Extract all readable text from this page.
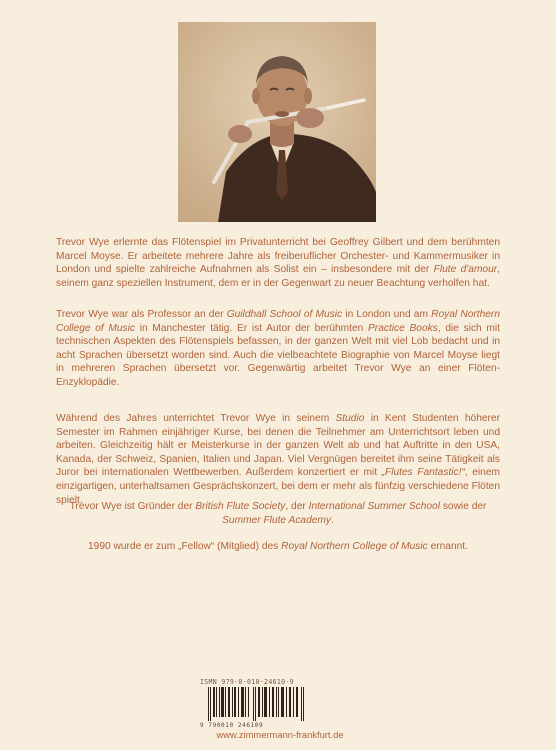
Trevor Wye erlernte das Flötenspiel im Privatunterricht bei Geoffrey Gilbert und dem berühmten Marcel Moyse. Er arbeitete mehrere Jahre als freiberuflicher Orchester- und Kammermusiker in London und spielte zahlreiche Aufnahmen als Solist ein – insbesondere mit der Flute d'amour, seinem ganz speziellen Instrument, dem er in der Gegenwart zu neuer Beachtung verholfen hat.

Trevor Wye war als Professor an der Guildhall School of Music in London und am Royal Northern College of Music in Manchester tätig. Er ist Autor der berühmten Practice Books, die sich mit technischen Aspekten des Flötenspiels befassen, in der ganzen Welt mit viel Lob bedacht und in acht Sprachen übersetzt worden sind. Auch die vielbeachtete Biographie von Marcel Moyse liegt in mehreren Sprachen übersetzt vor. Gegenwärtig arbeitet Trevor Wye an einer Flöten-Enzyklopädie.

Während des Jahres unterrichtet Trevor Wye in seinem Studio in Kent Studenten höherer Semester im Rahmen einjähriger Kurse, bei denen die Teilnehmer am Unterrichtsort leben und arbeiten. Gleichzeitig hält er Meisterkurse in der ganzen Welt ab und hat Auftritte in den USA, Kanada, der Schweiz, Spanien, Italien und Japan. Viel Vergnügen bereitet ihm seine Tätigkeit als Juror bei internationalen Wettbewerben. Außerdem konzertiert er mit „Flutes Fantastic!“, einem einzigartigen, unterhaltsamen Gesprächskonzert, bei dem er mehr als fünfzig verschiedene Flöten spielt.

Trevor Wye ist Gründer der British Flute Society, der International Summer School sowie der Summer Flute Academy.

1990 wurde er zum „Fellow“ (Mitglied) des Royal Northern College of Music ernannt.

ISMN 979-0-010-24610-9
9 790010 246109
www.zimmermann-frankfurt.de
